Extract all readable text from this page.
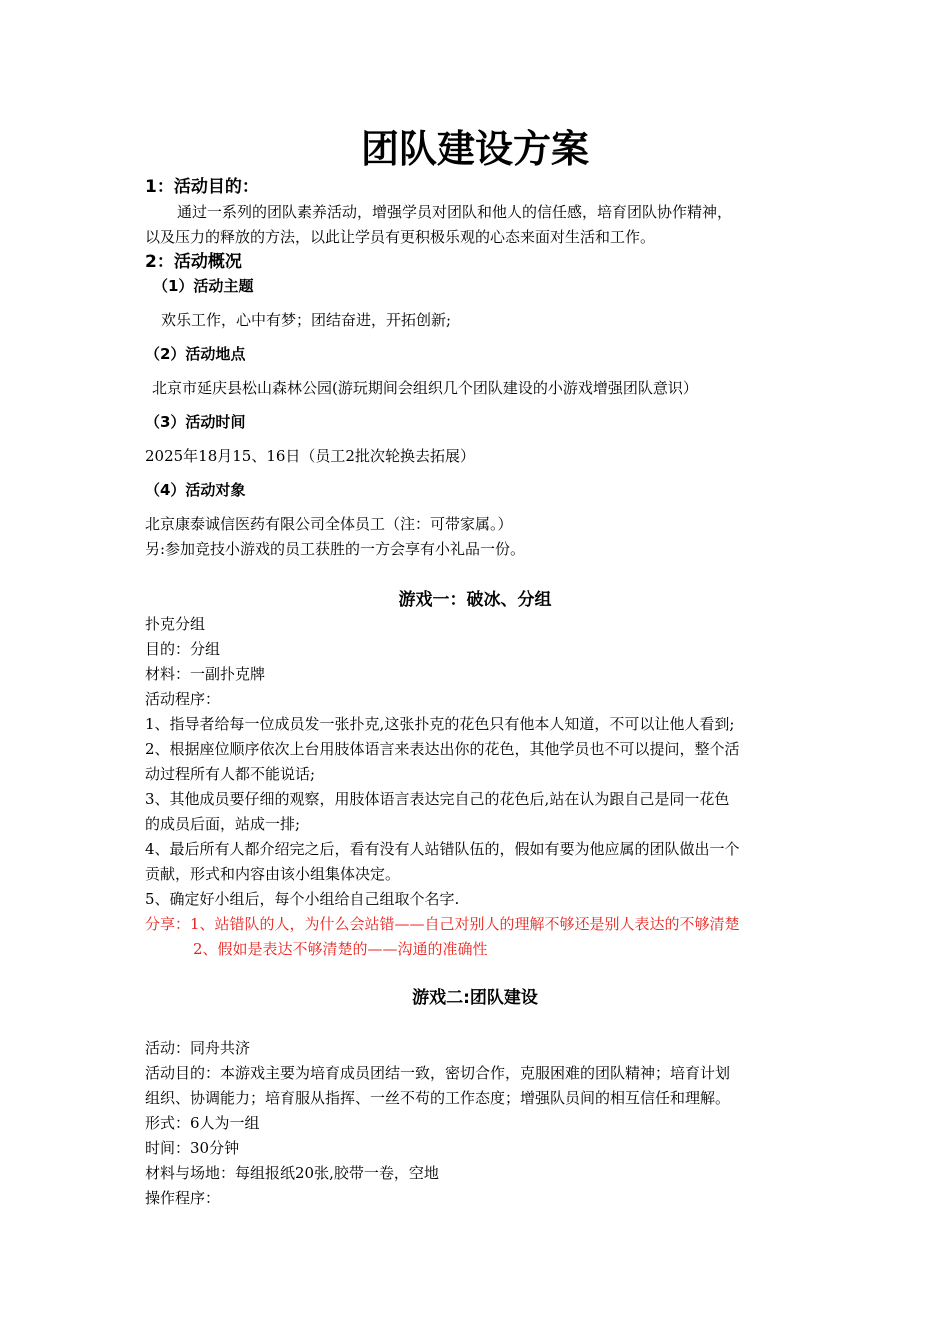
团队建设方案
1：活动目的：
通过一系列的团队素养活动，增强学员对团队和他人的信任感，培育团队协作精神，
以及压力的释放的方法，以此让学员有更积极乐观的心态来面对生活和工作。
2：活动概况
（1）活动主题
欢乐工作，心中有梦；团结奋进，开拓创新;
（2）活动地点
北京市延庆县松山森林公园(游玩期间会组织几个团队建设的小游戏增强团队意识）
（3）活动时间
2025年18月15、16日（员工2批次轮换去拓展）
（4）活动对象
北京康泰诚信医药有限公司全体员工（注：可带家属。）
另:参加竞技小游戏的员工获胜的一方会享有小礼品一份。
游戏一：破冰、分组
扑克分组
目的：分组
材料：一副扑克牌
活动程序：
1、指导者给每一位成员发一张扑克,这张扑克的花色只有他本人知道，不可以让他人看到;
2、根据座位顺序依次上台用肢体语言来表达出你的花色，其他学员也不可以提问，整个活
动过程所有人都不能说话;
3、其他成员要仔细的观察，用肢体语言表达完自己的花色后,站在认为跟自己是同一花色
的成员后面，站成一排;
4、最后所有人都介绍完之后，看有没有人站错队伍的，假如有要为他应属的团队做出一个
贡献，形式和内容由该小组集体决定。
5、确定好小组后，每个小组给自己组取个名字.
分享：1、站错队的人，为什么会站错——自己对别人的理解不够还是别人表达的不够清楚
2、假如是表达不够清楚的——沟通的准确性
游戏二:团队建设
活动：同舟共济
活动目的：本游戏主要为培育成员团结一致，密切合作，克服困难的团队精神；培育计划
组织、协调能力；培育服从指挥、一丝不苟的工作态度；增强队员间的相互信任和理解。
形式：6人为一组
时间：30分钟
材料与场地：每组报纸20张,胶带一卷，空地
操作程序：
